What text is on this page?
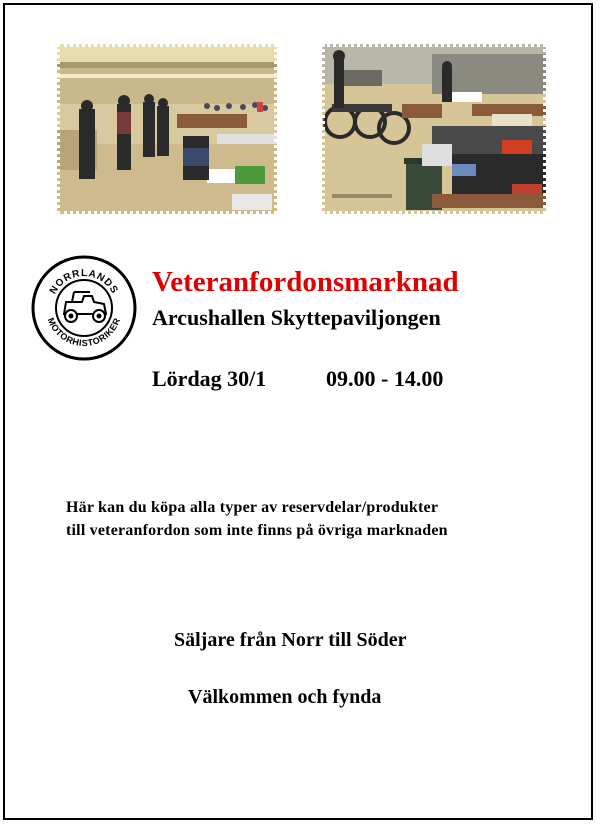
NORRLANDS
MOTORHISTORIKER
Veteranfordonsmarknad
Arcushallen Skyttepaviljongen
Lördag 30/1	09.00 - 14.00
Här kan du köpa alla typer av reservdelar/produkter
till veteranfordon som inte finns på övriga marknaden
Säljare från Norr till Söder
Välkommen och fynda
